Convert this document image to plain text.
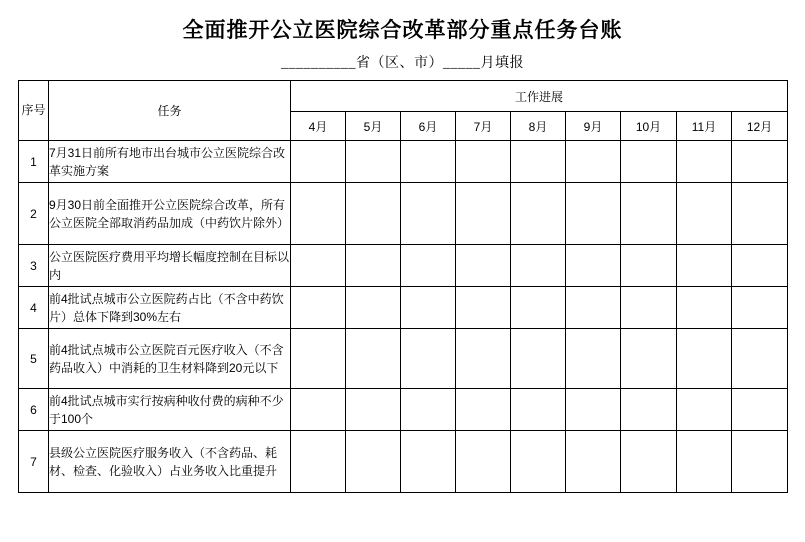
全面推开公立医院综合改革部分重点任务台账
__________省（区、市）_____月填报
序号	任务	工作进展								
		4月	5月	6月	7月	8月	9月	10月	11月	12月
1	7月31日前所有地市出台城市公立医院综合改革实施方案									
2	9月30日前全面推开公立医院综合改革，所有公立医院全部取消药品加成（中药饮片除外）									
3	公立医院医疗费用平均增长幅度控制在目标以内									
4	前4批试点城市公立医院药占比（不含中药饮片）总体下降到30%左右									
5	前4批试点城市公立医院百元医疗收入（不含药品收入）中消耗的卫生材料降到20元以下									
6	前4批试点城市实行按病种收付费的病种不少于100个									
7	县级公立医院医疗服务收入（不含药品、耗材、检查、化验收入）占业务收入比重提升									
